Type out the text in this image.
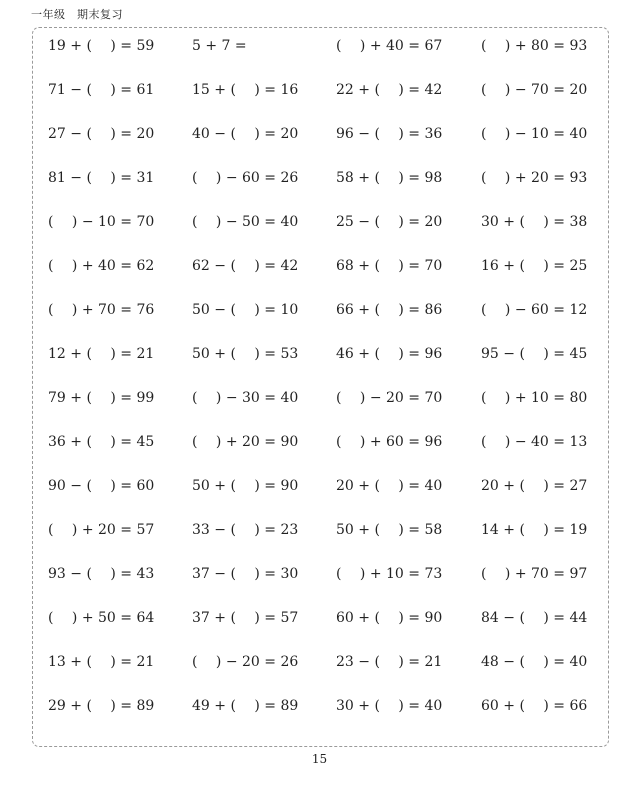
一年级　期末复习
19 + (　 ) = 59	5 + 7 =	(　 ) + 40 = 67	(　 ) + 80 = 93
71 − (　 ) = 61	15 + (　 ) = 16	22 + (　 ) = 42	(　 ) − 70 = 20
27 − (　 ) = 20	40 − (　 ) = 20	96 − (　 ) = 36	(　 ) − 10 = 40
81 − (　 ) = 31	(　 ) − 60 = 26	58 + (　 ) = 98	(　 ) + 20 = 93
(　 ) − 10 = 70	(　 ) − 50 = 40	25 − (　 ) = 20	30 + (　 ) = 38
(　 ) + 40 = 62	62 − (　 ) = 42	68 + (　 ) = 70	16 + (　 ) = 25
(　 ) + 70 = 76	50 − (　 ) = 10	66 + (　 ) = 86	(　 ) − 60 = 12
12 + (　 ) = 21	50 + (　 ) = 53	46 + (　 ) = 96	95 − (　 ) = 45
79 + (　 ) = 99	(　 ) − 30 = 40	(　 ) − 20 = 70	(　 ) + 10 = 80
36 + (　 ) = 45	(　 ) + 20 = 90	(　 ) + 60 = 96	(　 ) − 40 = 13
90 − (　 ) = 60	50 + (　 ) = 90	20 + (　 ) = 40	20 + (　 ) = 27
(　 ) + 20 = 57	33 − (　 ) = 23	50 + (　 ) = 58	14 + (　 ) = 19
93 − (　 ) = 43	37 − (　 ) = 30	(　 ) + 10 = 73	(　 ) + 70 = 97
(　 ) + 50 = 64	37 + (　 ) = 57	60 + (　 ) = 90	84 − (　 ) = 44
13 + (　 ) = 21	(　 ) − 20 = 26	23 − (　 ) = 21	48 − (　 ) = 40
29 + (　 ) = 89	49 + (　 ) = 89	30 + (　 ) = 40	60 + (　 ) = 66
15
